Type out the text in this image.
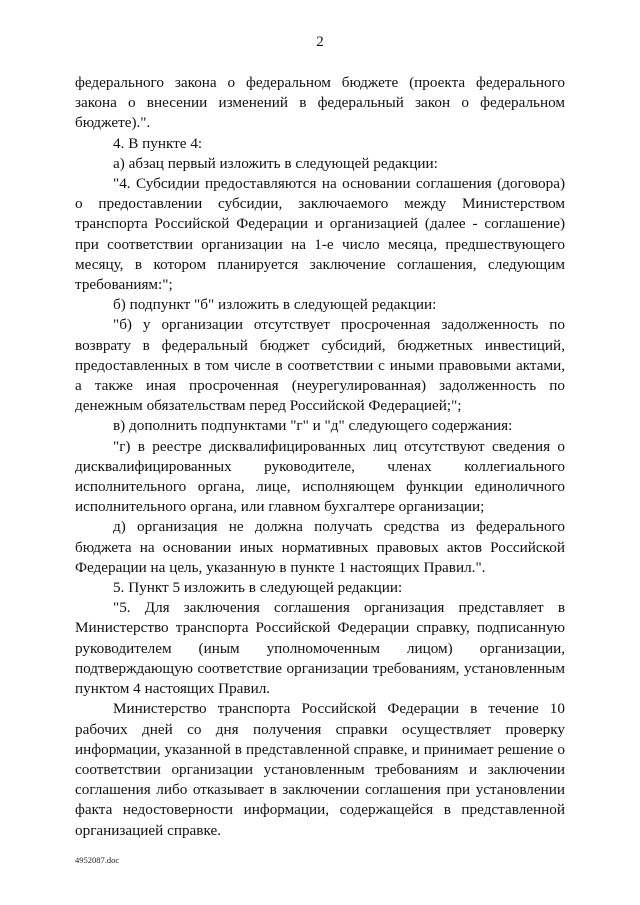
2

федерального закона о федеральном бюджете (проекта федерального закона о внесении изменений в федеральный закон о федеральном бюджете).".

4. В пункте 4:

а) абзац первый изложить в следующей редакции:

"4. Субсидии предоставляются на основании соглашения (договора) о предоставлении субсидии, заключаемого между Министерством транспорта Российской Федерации и организацией (далее - соглашение) при соответствии организации на 1-е число месяца, предшествующего месяцу, в котором планируется заключение соглашения, следующим требованиям:";

б) подпункт "б" изложить в следующей редакции:

"б) у организации отсутствует просроченная задолженность по возврату в федеральный бюджет субсидий, бюджетных инвестиций, предоставленных в том числе в соответствии с иными правовыми актами, а также иная просроченная (неурегулированная) задолженность по денежным обязательствам перед Российской Федерацией;";

в) дополнить подпунктами "г" и "д" следующего содержания:

"г) в реестре дисквалифицированных лиц отсутствуют сведения о дисквалифицированных руководителе, членах коллегиального исполнительного органа, лице, исполняющем функции единоличного исполнительного органа, или главном бухгалтере организации;

д) организация не должна получать средства из федерального бюджета на основании иных нормативных правовых актов Российской Федерации на цель, указанную в пункте 1 настоящих Правил.".

5. Пункт 5 изложить в следующей редакции:

"5. Для заключения соглашения организация представляет в Министерство транспорта Российской Федерации справку, подписанную руководителем (иным уполномоченным лицом) организации, подтверждающую соответствие организации требованиям, установленным пунктом 4 настоящих Правил.

Министерство транспорта Российской Федерации в течение 10 рабочих дней со дня получения справки осуществляет проверку информации, указанной в представленной справке, и принимает решение о соответствии организации установленным требованиям и заключении соглашения либо отказывает в заключении соглашения при установлении факта недостоверности информации, содержащейся в представленной организацией справке.

4952087.doc
